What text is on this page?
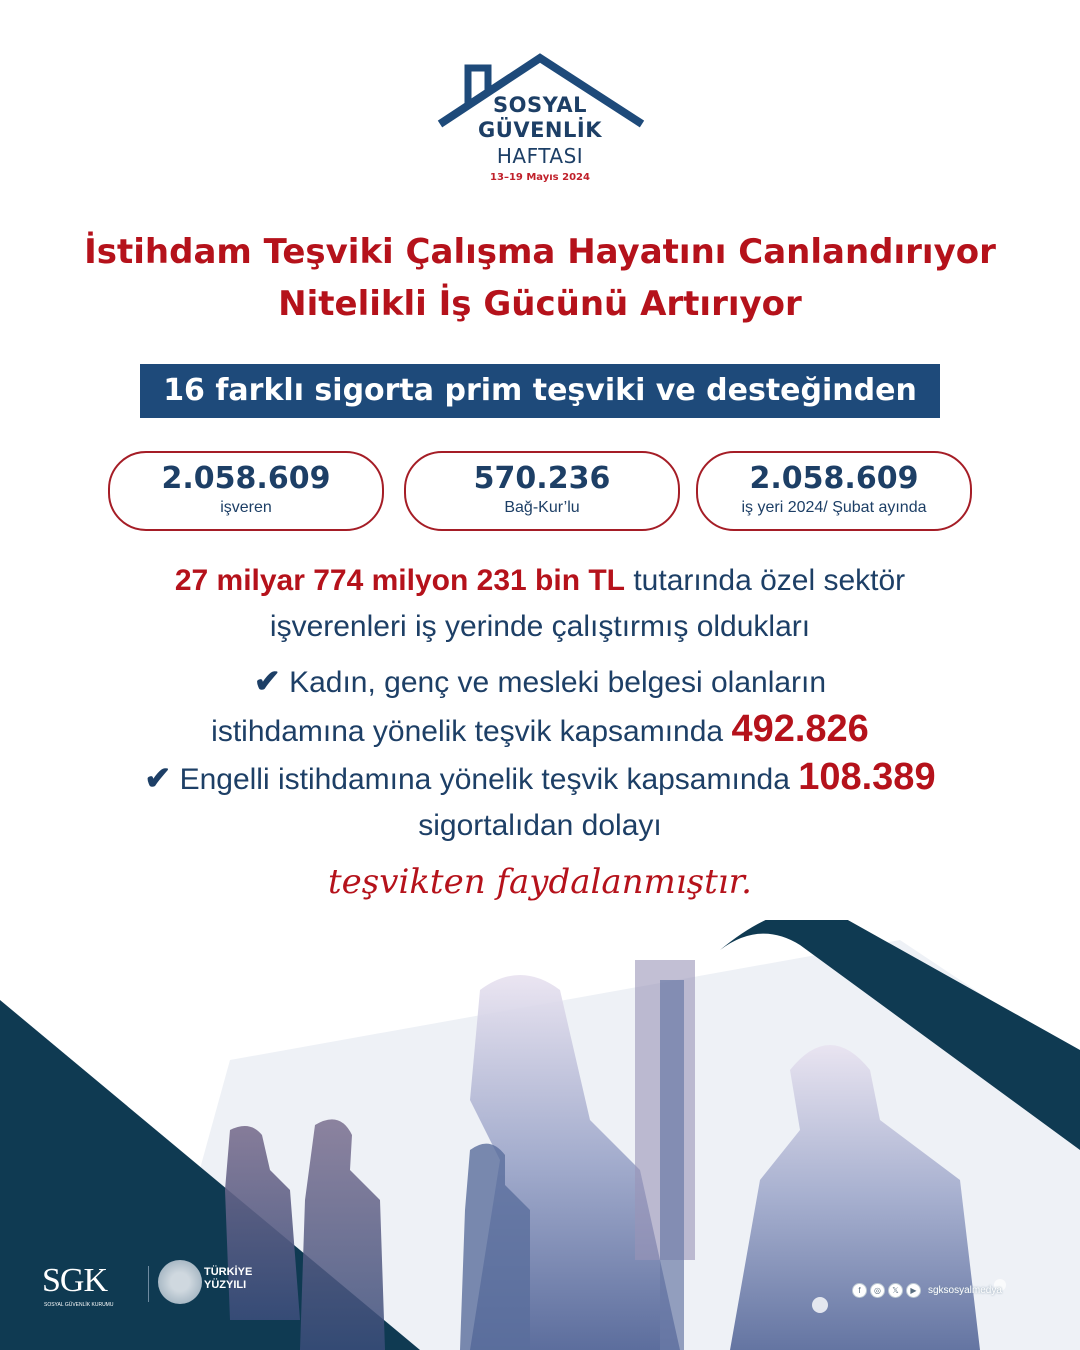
SOSYAL
GÜVENLİK
HAFTASI
13–19 Mayıs 2024
İstihdam Teşviki Çalışma Hayatını Canlandırıyor
Nitelikli İş Gücünü Artırıyor
16 farklı sigorta prim teşviki ve desteğinden
2.058.609
işveren
570.236
Bağ-Kur’lu
2.058.609
iş yeri 2024/ Şubat ayında
27 milyar 774 milyon 231 bin TL tutarında özel sektör
işverenleri iş yerinde çalıştırmış oldukları
✔ Kadın, genç ve mesleki belgesi olanların
istihdamına yönelik teşvik kapsamında 492.826
✔ Engelli istihdamına yönelik teşvik kapsamında 108.389
sigortalıdan dolayı
teşvikten faydalanmıştır.
SGK
SOSYAL GÜVENLİK KURUMU
TÜRKİYE
YÜZYILI	f	◎	𝕏	▶	sgksosyalmedya
